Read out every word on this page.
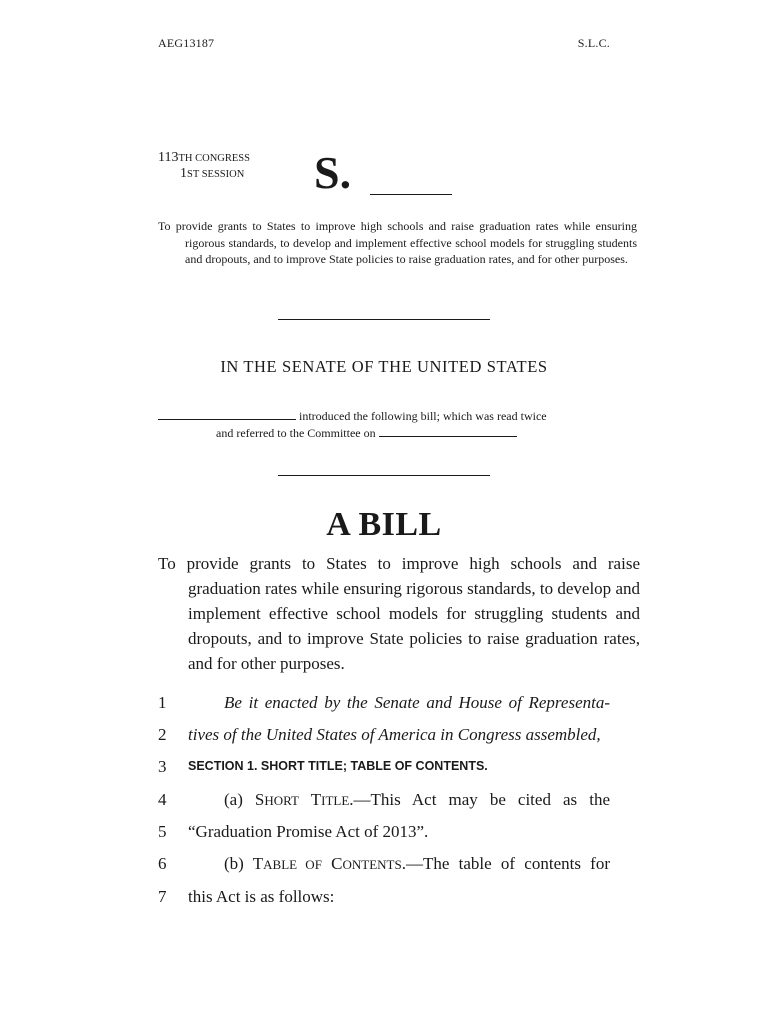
AEG13187	S.L.C.
113TH CONGRESS
1ST SESSION S.
To provide grants to States to improve high schools and raise graduation rates while ensuring rigorous standards, to develop and implement effective school models for struggling students and dropouts, and to improve State policies to raise graduation rates, and for other purposes.
IN THE SENATE OF THE UNITED STATES
introduced the following bill; which was read twice
and referred to the Committee on
A BILL
To provide grants to States to improve high schools and raise graduation rates while ensuring rigorous standards, to develop and implement effective school models for struggling students and dropouts, and to improve State policies to raise graduation rates, and for other purposes.
1	Be it enacted by the Senate and House of Representa-
2	tives of the United States of America in Congress assembled,
3	SECTION 1. SHORT TITLE; TABLE OF CONTENTS.
4	(a) SHORT TITLE.—This Act may be cited as the
5	“Graduation Promise Act of 2013”.
6	(b) TABLE OF CONTENTS.—The table of contents for
7	this Act is as follows:
